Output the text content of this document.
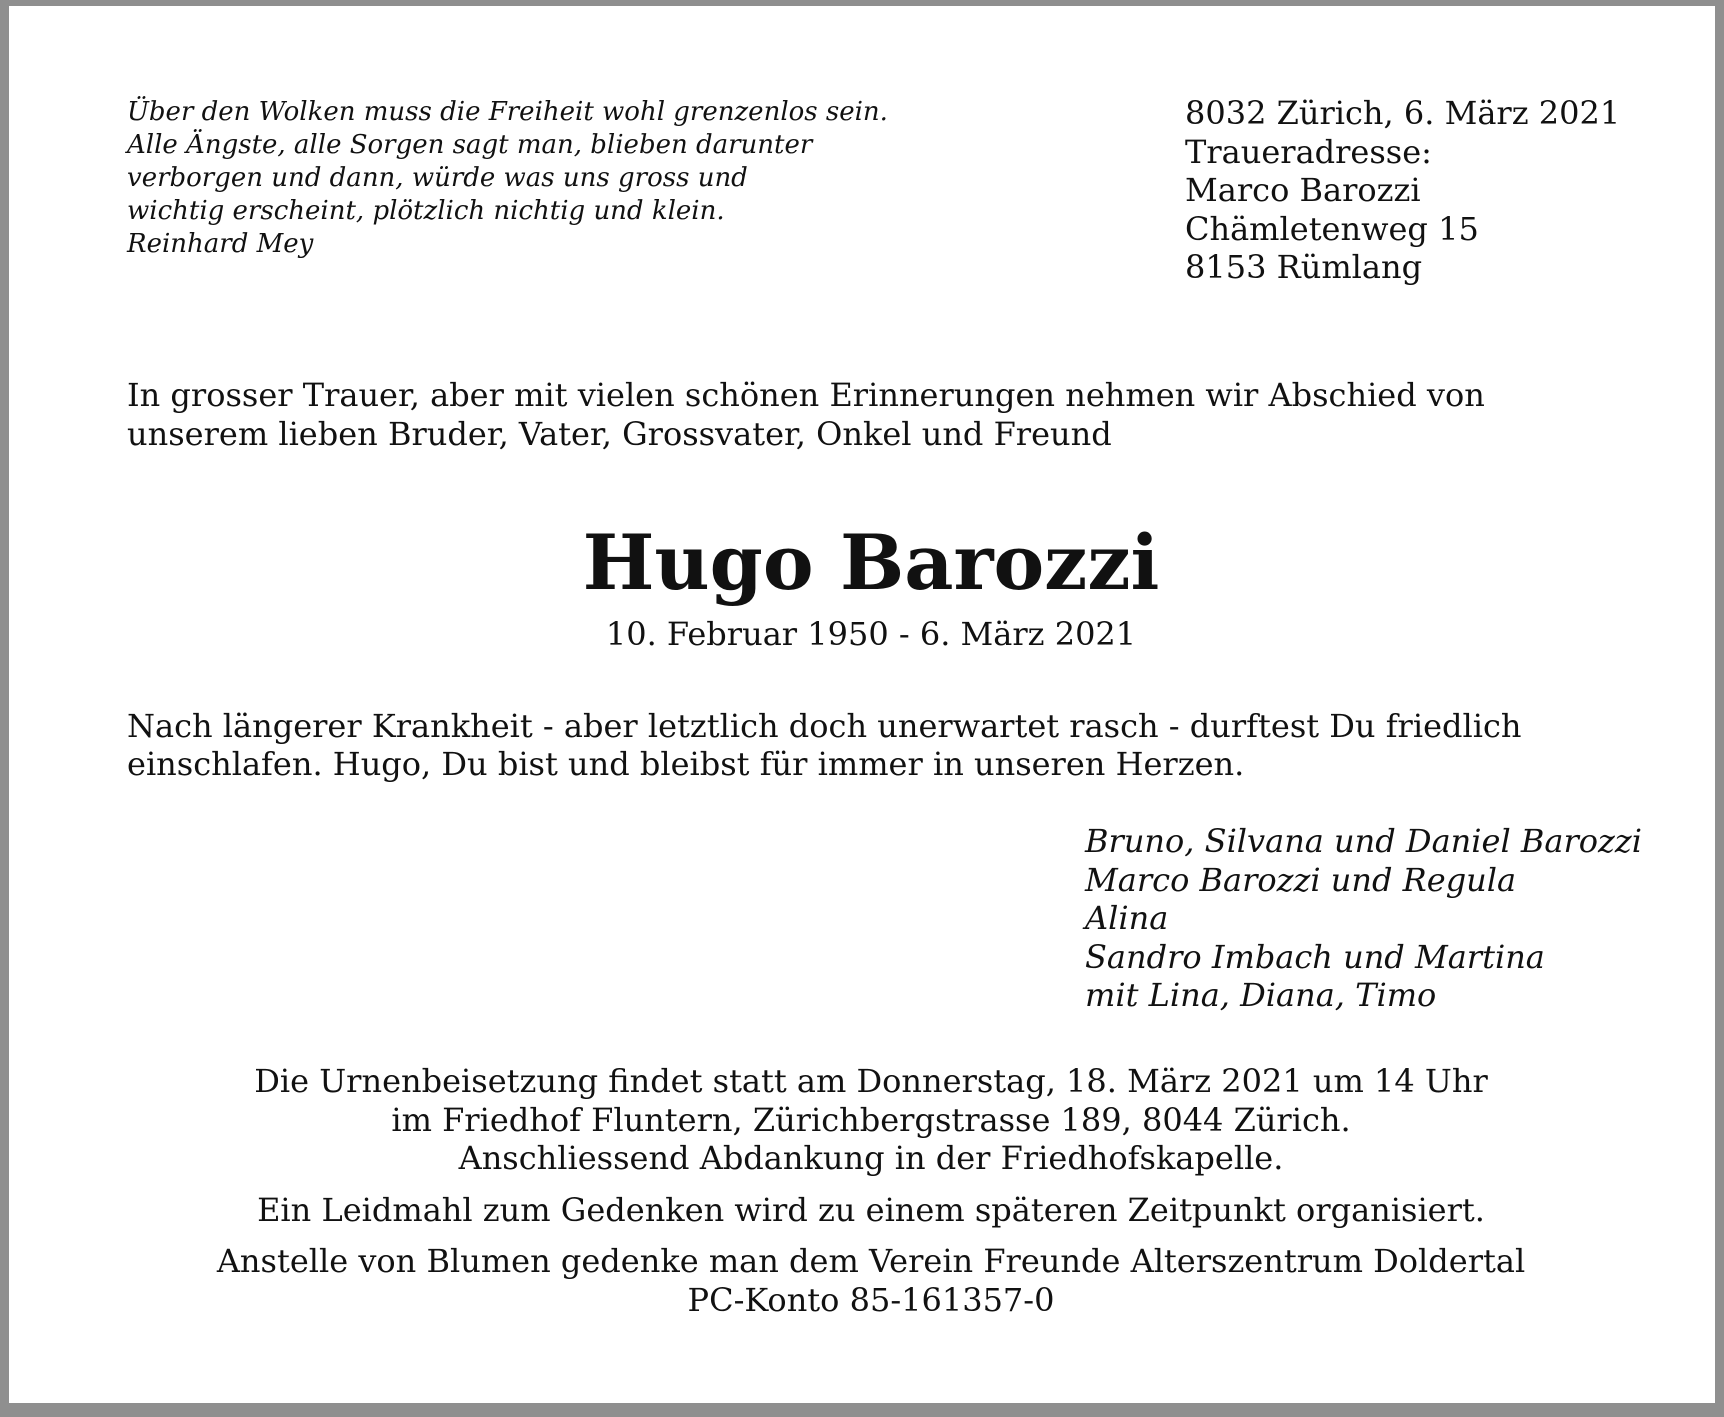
Über den Wolken muss die Freiheit wohl grenzenlos sein.
Alle Ängste, alle Sorgen sagt man, blieben darunter
verborgen und dann, würde was uns gross und
wichtig erscheint, plötzlich nichtig und klein.
Reinhard Mey
8032 Zürich, 6. März 2021
Traueradresse:
Marco Barozzi
Chämletenweg 15
8153 Rümlang
In grosser Trauer, aber mit vielen schönen Erinnerungen nehmen wir Abschied von
unserem lieben Bruder, Vater, Grossvater, Onkel und Freund
Hugo Barozzi
10. Februar 1950 - 6. März 2021
Nach längerer Krankheit - aber letztlich doch unerwartet rasch - durftest Du friedlich
einschlafen. Hugo, Du bist und bleibst für immer in unseren Herzen.
Bruno, Silvana und Daniel Barozzi
Marco Barozzi und Regula
Alina
Sandro Imbach und Martina
mit Lina, Diana, Timo
Die Urnenbeisetzung findet statt am Donnerstag, 18. März 2021 um 14 Uhr
im Friedhof Fluntern, Zürichbergstrasse 189, 8044 Zürich.
Anschliessend Abdankung in der Friedhofskapelle.
Ein Leidmahl zum Gedenken wird zu einem späteren Zeitpunkt organisiert.
Anstelle von Blumen gedenke man dem Verein Freunde Alterszentrum Doldertal
PC-Konto 85-161357-0
